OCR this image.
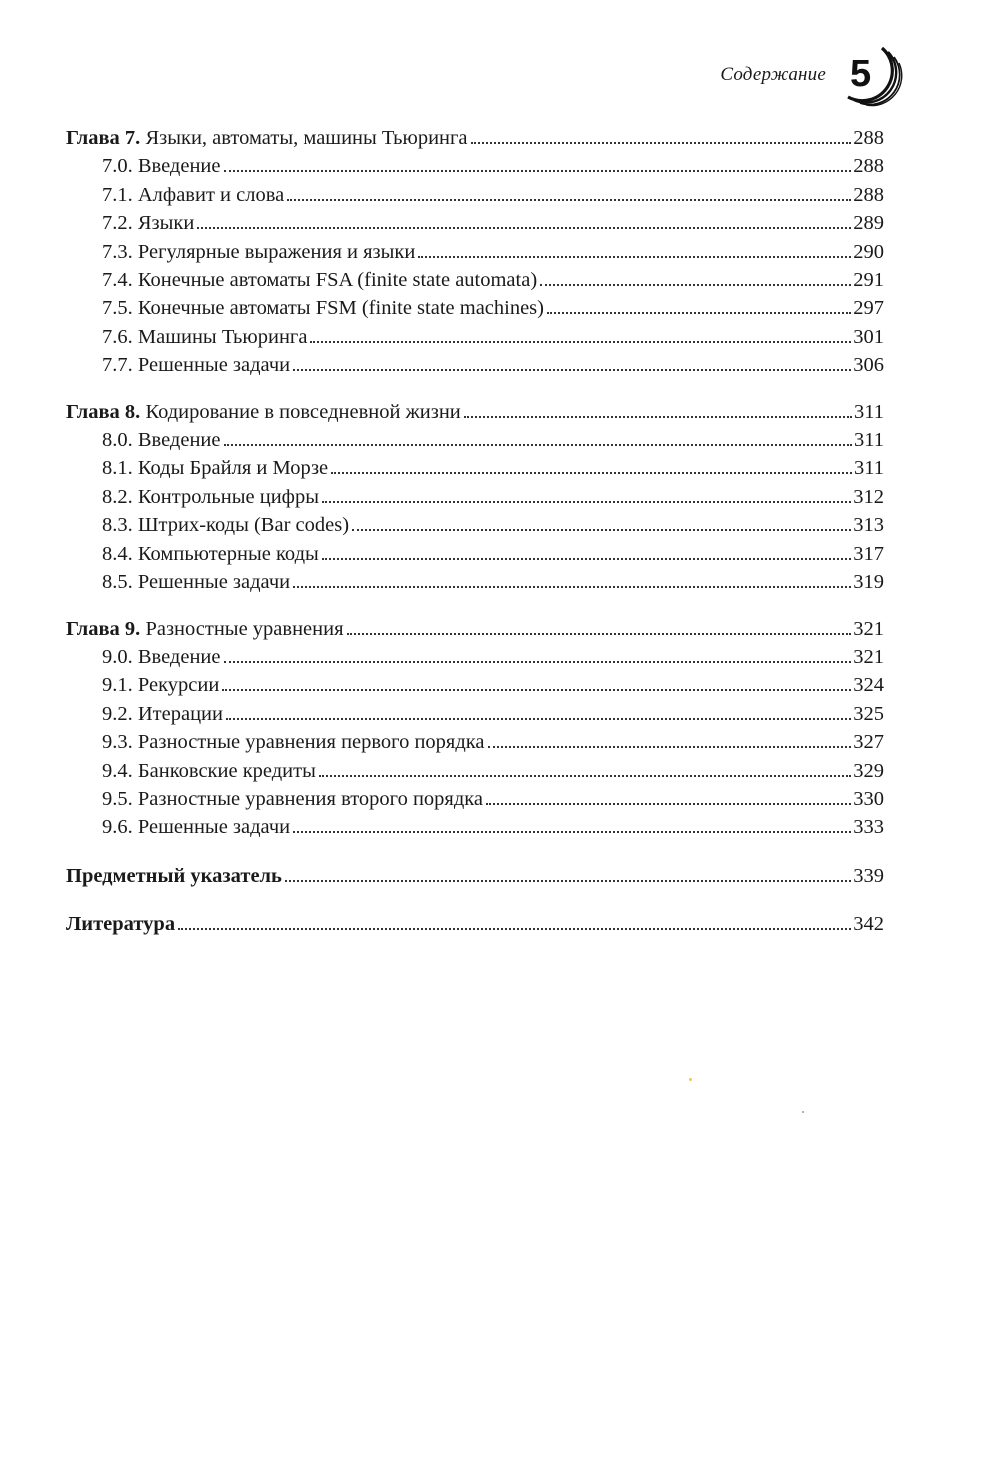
Содержание 5
Глава 7. Языки, автоматы, машины Тьюринга	288
7.0. Введение	288
7.1. Алфавит и слова	288
7.2. Языки	289
7.3. Регулярные выражения и языки	290
7.4. Конечные автоматы FSA (finite state automata)	291
7.5. Конечные автоматы FSM (finite state machines)	297
7.6. Машины Тьюринга	301
7.7. Решенные задачи	306
Глава 8. Кодирование в повседневной жизни	311
8.0. Введение	311
8.1. Коды Брайля и Морзе	311
8.2. Контрольные цифры	312
8.3. Штрих-коды (Bar codes)	313
8.4. Компьютерные коды	317
8.5. Решенные задачи	319
Глава 9. Разностные уравнения	321
9.0. Введение	321
9.1. Рекурсии	324
9.2. Итерации	325
9.3. Разностные уравнения первого порядка	327
9.4. Банковские кредиты	329
9.5. Разностные уравнения второго порядка	330
9.6. Решенные задачи	333
Предметный указатель	339
Литература	342
